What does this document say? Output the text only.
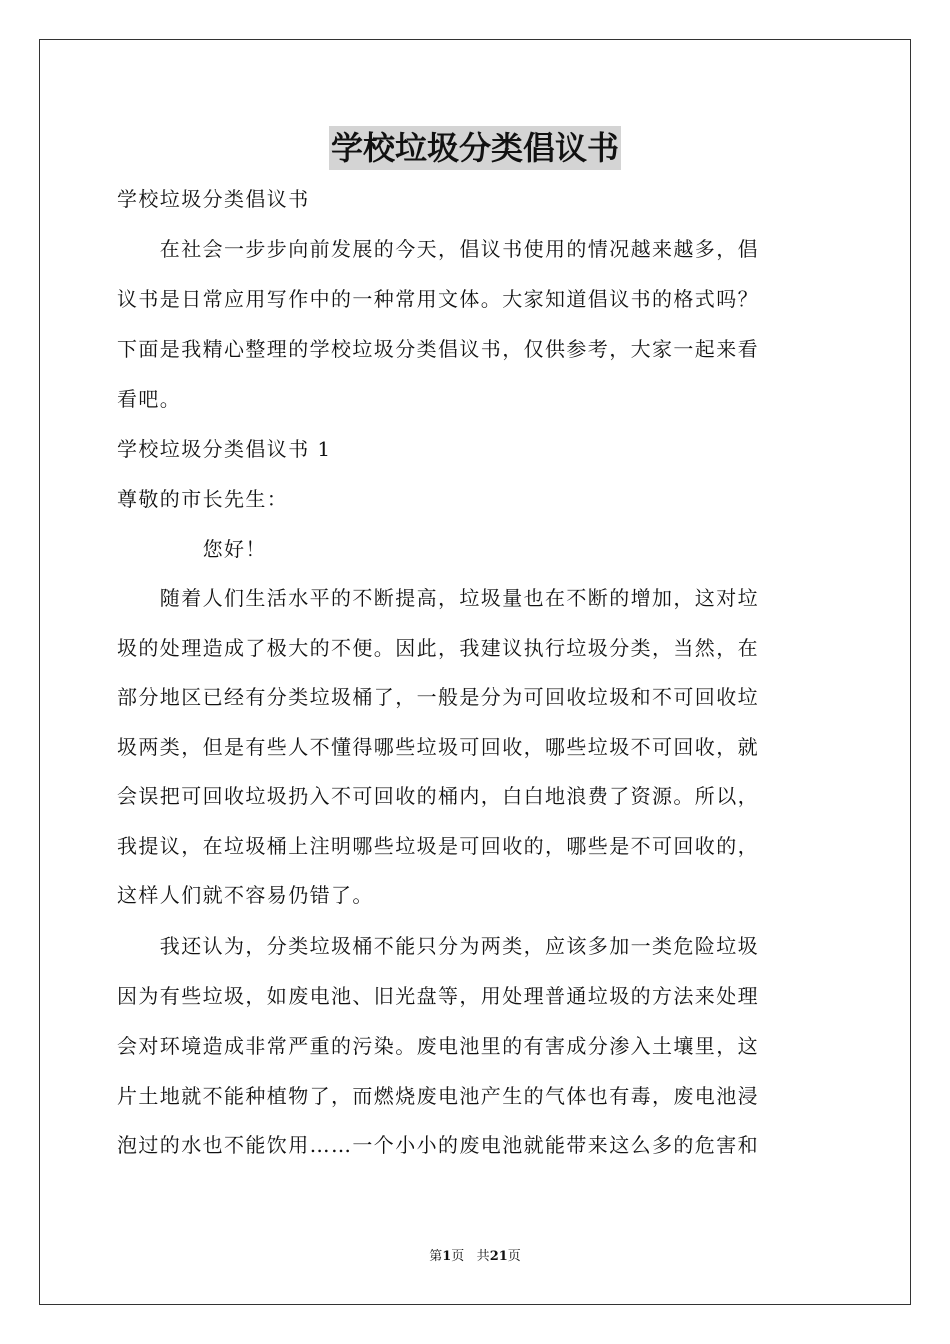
学校垃圾分类倡议书
学校垃圾分类倡议书
　　在社会一步步向前发展的今天，倡议书使用的情况越来越多，倡
议书是日常应用写作中的一种常用文体。大家知道倡议书的格式吗？
下面是我精心整理的学校垃圾分类倡议书，仅供参考，大家一起来看
看吧。
学校垃圾分类倡议书 1
尊敬的市长先生：
　　　　您好！
　　随着人们生活水平的不断提高，垃圾量也在不断的增加，这对垃
圾的处理造成了极大的不便。因此，我建议执行垃圾分类，当然，在
部分地区已经有分类垃圾桶了，一般是分为可回收垃圾和不可回收垃
圾两类，但是有些人不懂得哪些垃圾可回收，哪些垃圾不可回收，就
会误把可回收垃圾扔入不可回收的桶内，白白地浪费了资源。所以，
我提议，在垃圾桶上注明哪些垃圾是可回收的，哪些是不可回收的，
这样人们就不容易仍错了。
　　我还认为，分类垃圾桶不能只分为两类，应该多加一类危险垃圾
因为有些垃圾，如废电池、旧光盘等，用处理普通垃圾的方法来处理
会对环境造成非常严重的污染。废电池里的有害成分渗入土壤里，这
片土地就不能种植物了，而燃烧废电池产生的气体也有毒，废电池浸
泡过的水也不能饮用……一个小小的废电池就能带来这么多的危害和
第1页 共21页
